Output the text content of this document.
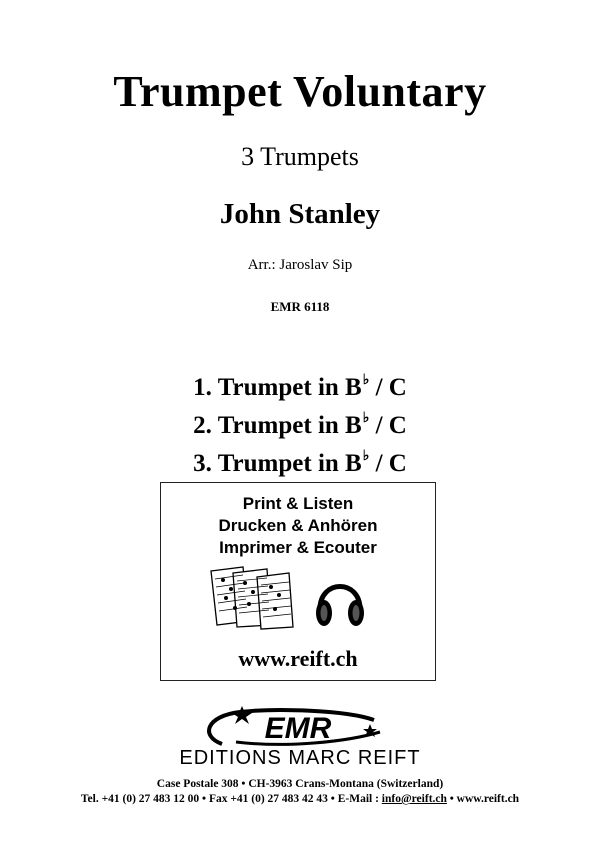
Trumpet Voluntary
3 Trumpets
John Stanley
Arr.: Jaroslav Sip
EMR 6118
1. Trumpet in B♭ / C
2. Trumpet in B♭ / C
3. Trumpet in B♭ / C
Print & Listen
Drucken & Anhören
Imprimer & Ecouter
www.reift.ch
EMR
EDITIONS MARC REIFT
Case Postale 308 • CH-3963 Crans-Montana (Switzerland)
Tel. +41 (0) 27 483 12 00 • Fax +41 (0) 27 483 42 43 • E-Mail : info@reift.ch • www.reift.ch
